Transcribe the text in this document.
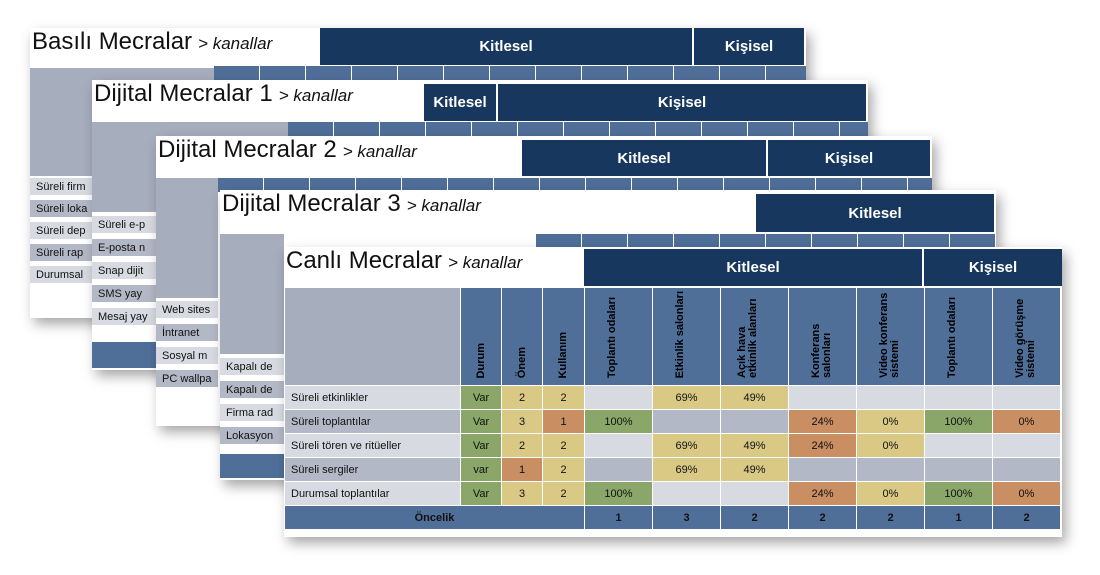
Basılı Mecralar > kanallar	Kitlesel	Kişisel
Süreli firm
Süreli loka
Süreli dep
Süreli rap
Durumsal
Dijital Mecralar 1 > kanallar	Kitlesel	Kişisel
Süreli e-p
E-posta n
Snap dijit
SMS yay
Mesaj yay
Dijital Mecralar 2 > kanallar	Kitlesel	Kişisel
Web sites
İntranet
Sosyal m
PC wallpa
Dijital Mecralar 3 > kanallar	Kitlesel
Kapalı de
Kapalı de
Firma rad
Lokasyon
Canlı Mecralar > kanallar	Kitlesel	Kişisel
	Durum	Önem	Kullanım	Toplantı odaları	Etkinlik salonları	Açık hava etkinlik alanları	Konferans salonları	Video konferans sistemi	Toplantı odaları	Video görüşme sistemi
Süreli etkinlikler	Var	2	2		69%	49%				
Süreli toplantılar	Var	3	1	100%			24%	0%	100%	0%
Süreli tören ve ritüeller	Var	2	2		69%	49%	24%	0%		
Süreli sergiler	var	1	2		69%	49%				
Durumsal toplantılar	Var	3	2	100%			24%	0%	100%	0%
Öncelik				1	3	2	2	2	1	2
